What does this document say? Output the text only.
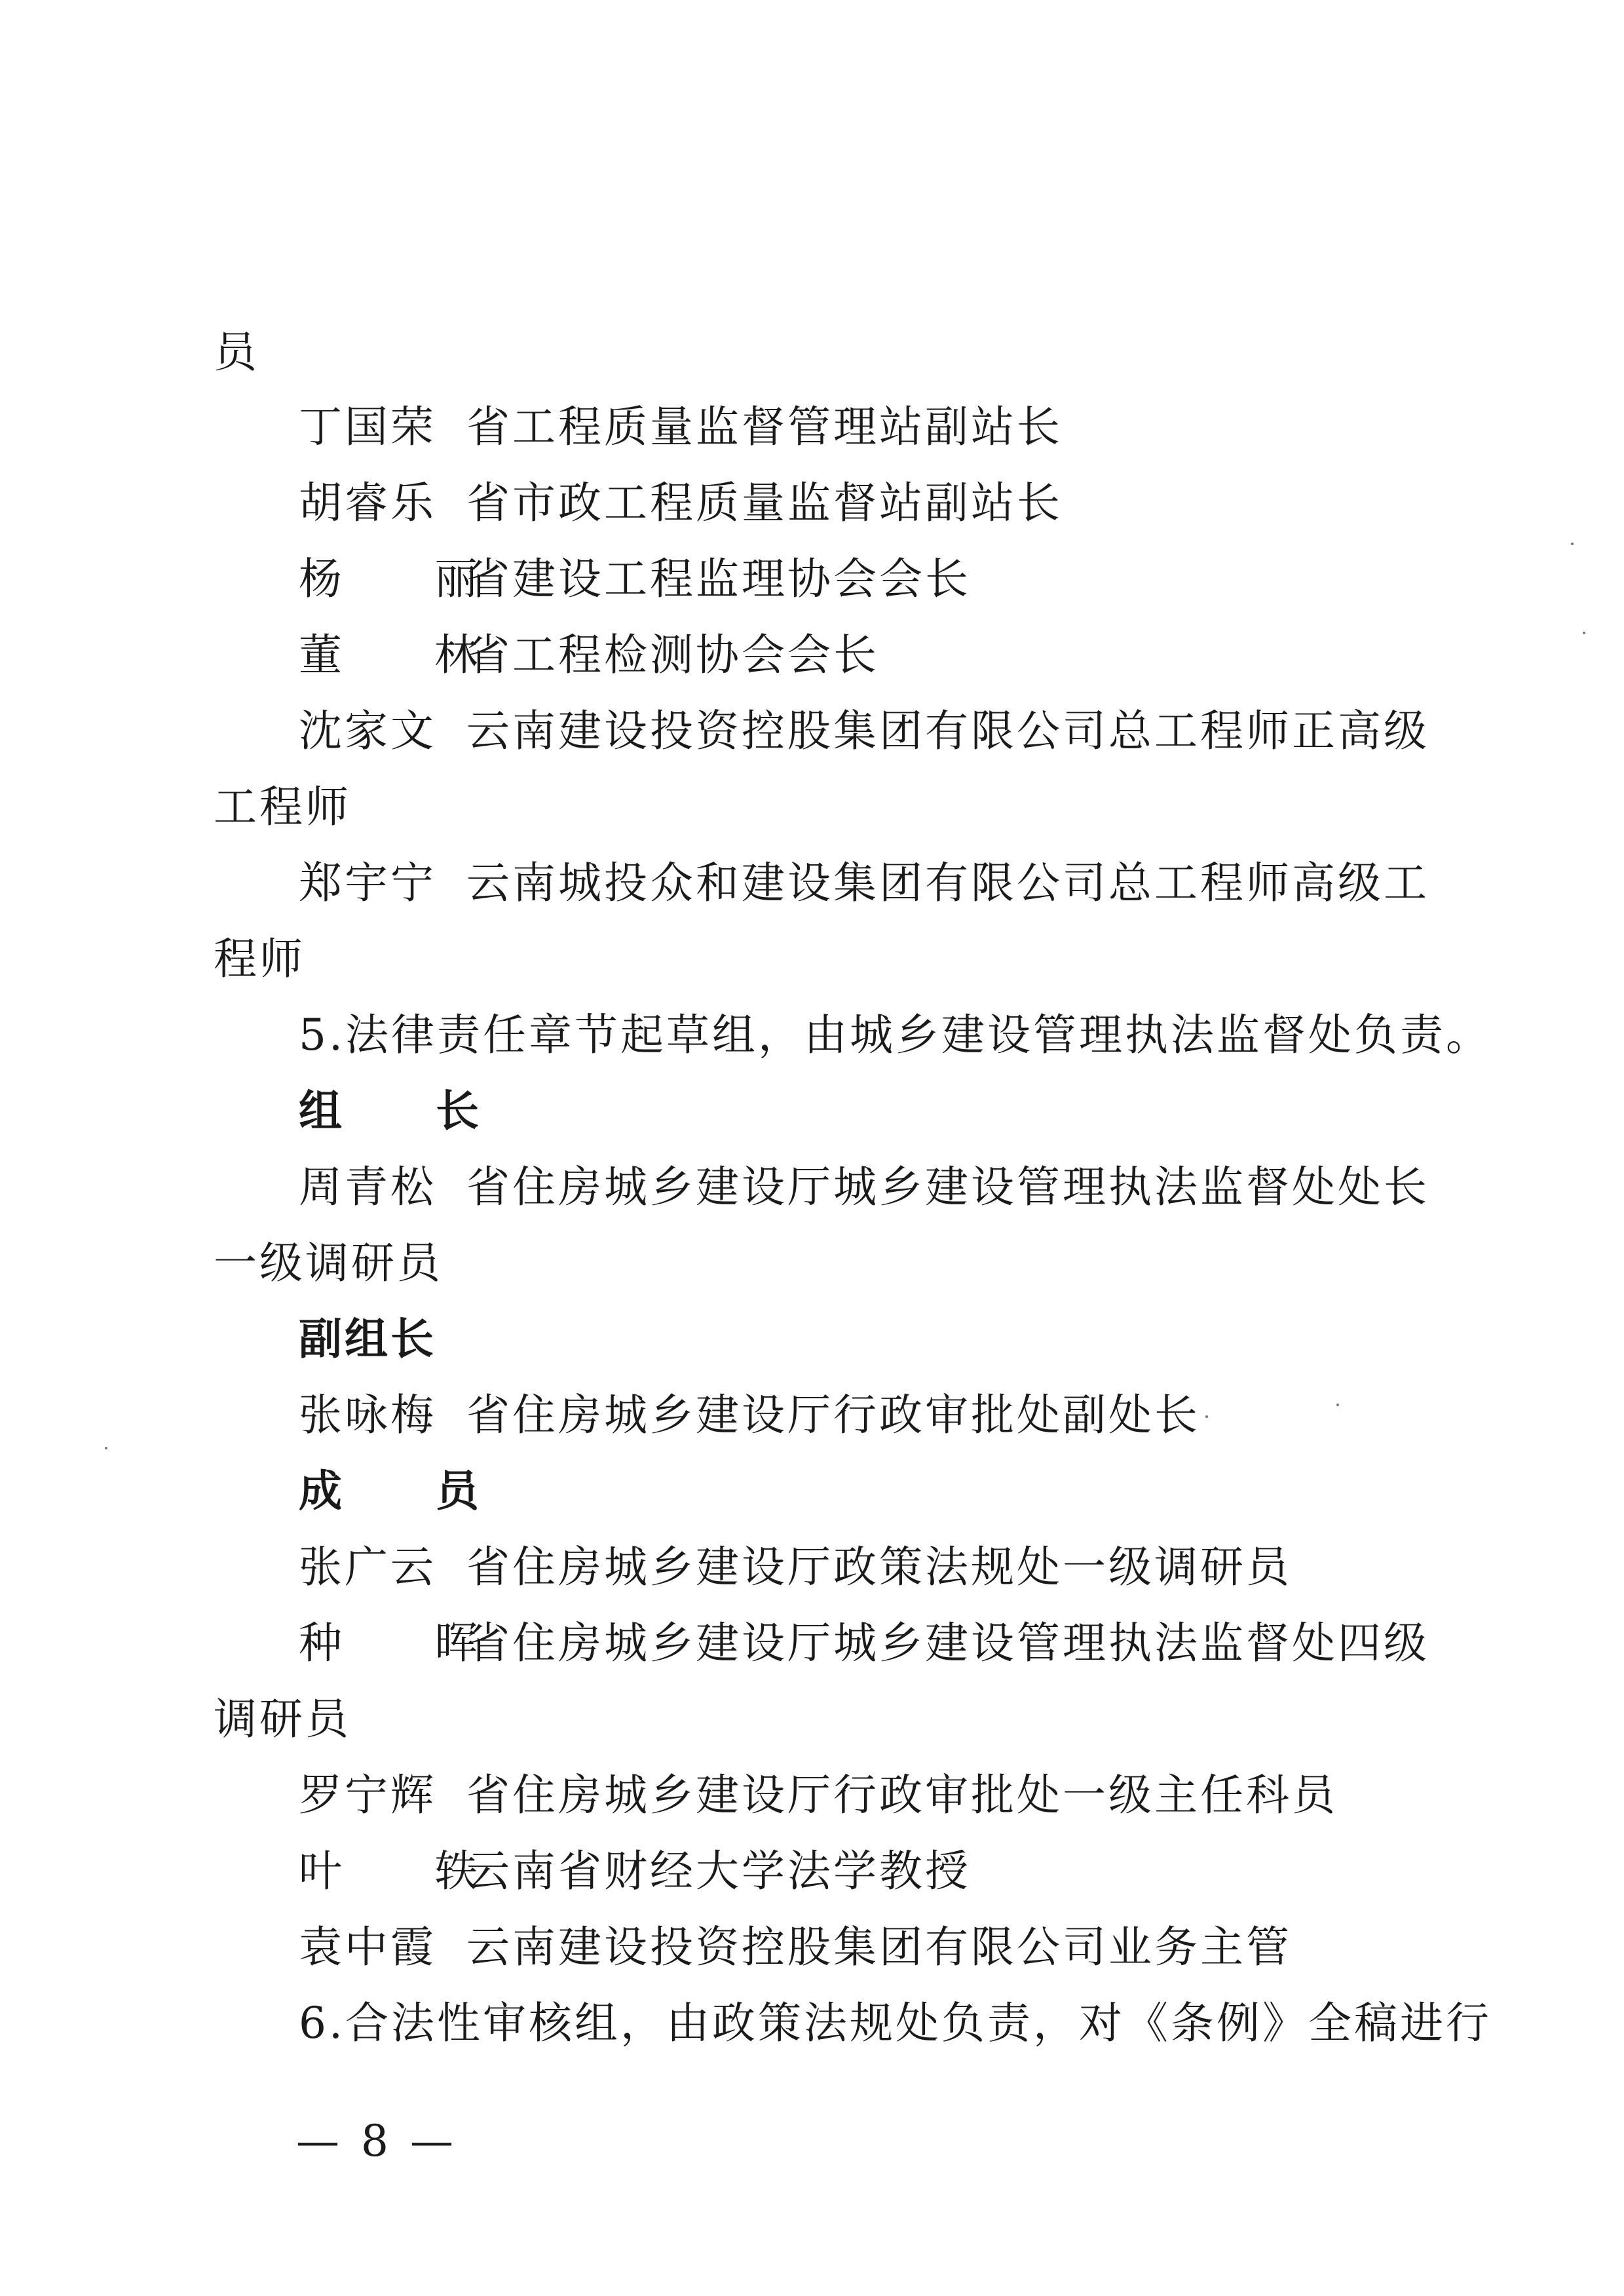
员
丁国荣 省工程质量监督管理站副站长
胡睿乐 省市政工程质量监督站副站长
杨 丽省建设工程监理协会会长
董 林省工程检测协会会长
沈家文 云南建设投资控股集团有限公司总工程师正高级
工程师
郑宇宁 云南城投众和建设集团有限公司总工程师高级工
程师
5.法律责任章节起草组，由城乡建设管理执法监督处负责。
组 长
周青松 省住房城乡建设厅城乡建设管理执法监督处处长
一级调研员
副组长
张咏梅 省住房城乡建设厅行政审批处副处长
成 员
张广云 省住房城乡建设厅政策法规处一级调研员
种 晖省住房城乡建设厅城乡建设管理执法监督处四级
调研员
罗宁辉 省住房城乡建设厅行政审批处一级主任科员
叶 轶云南省财经大学法学教授
袁中霞 云南建设投资控股集团有限公司业务主管
6.合法性审核组，由政策法规处负责，对《条例》全稿进行
— 8 —
